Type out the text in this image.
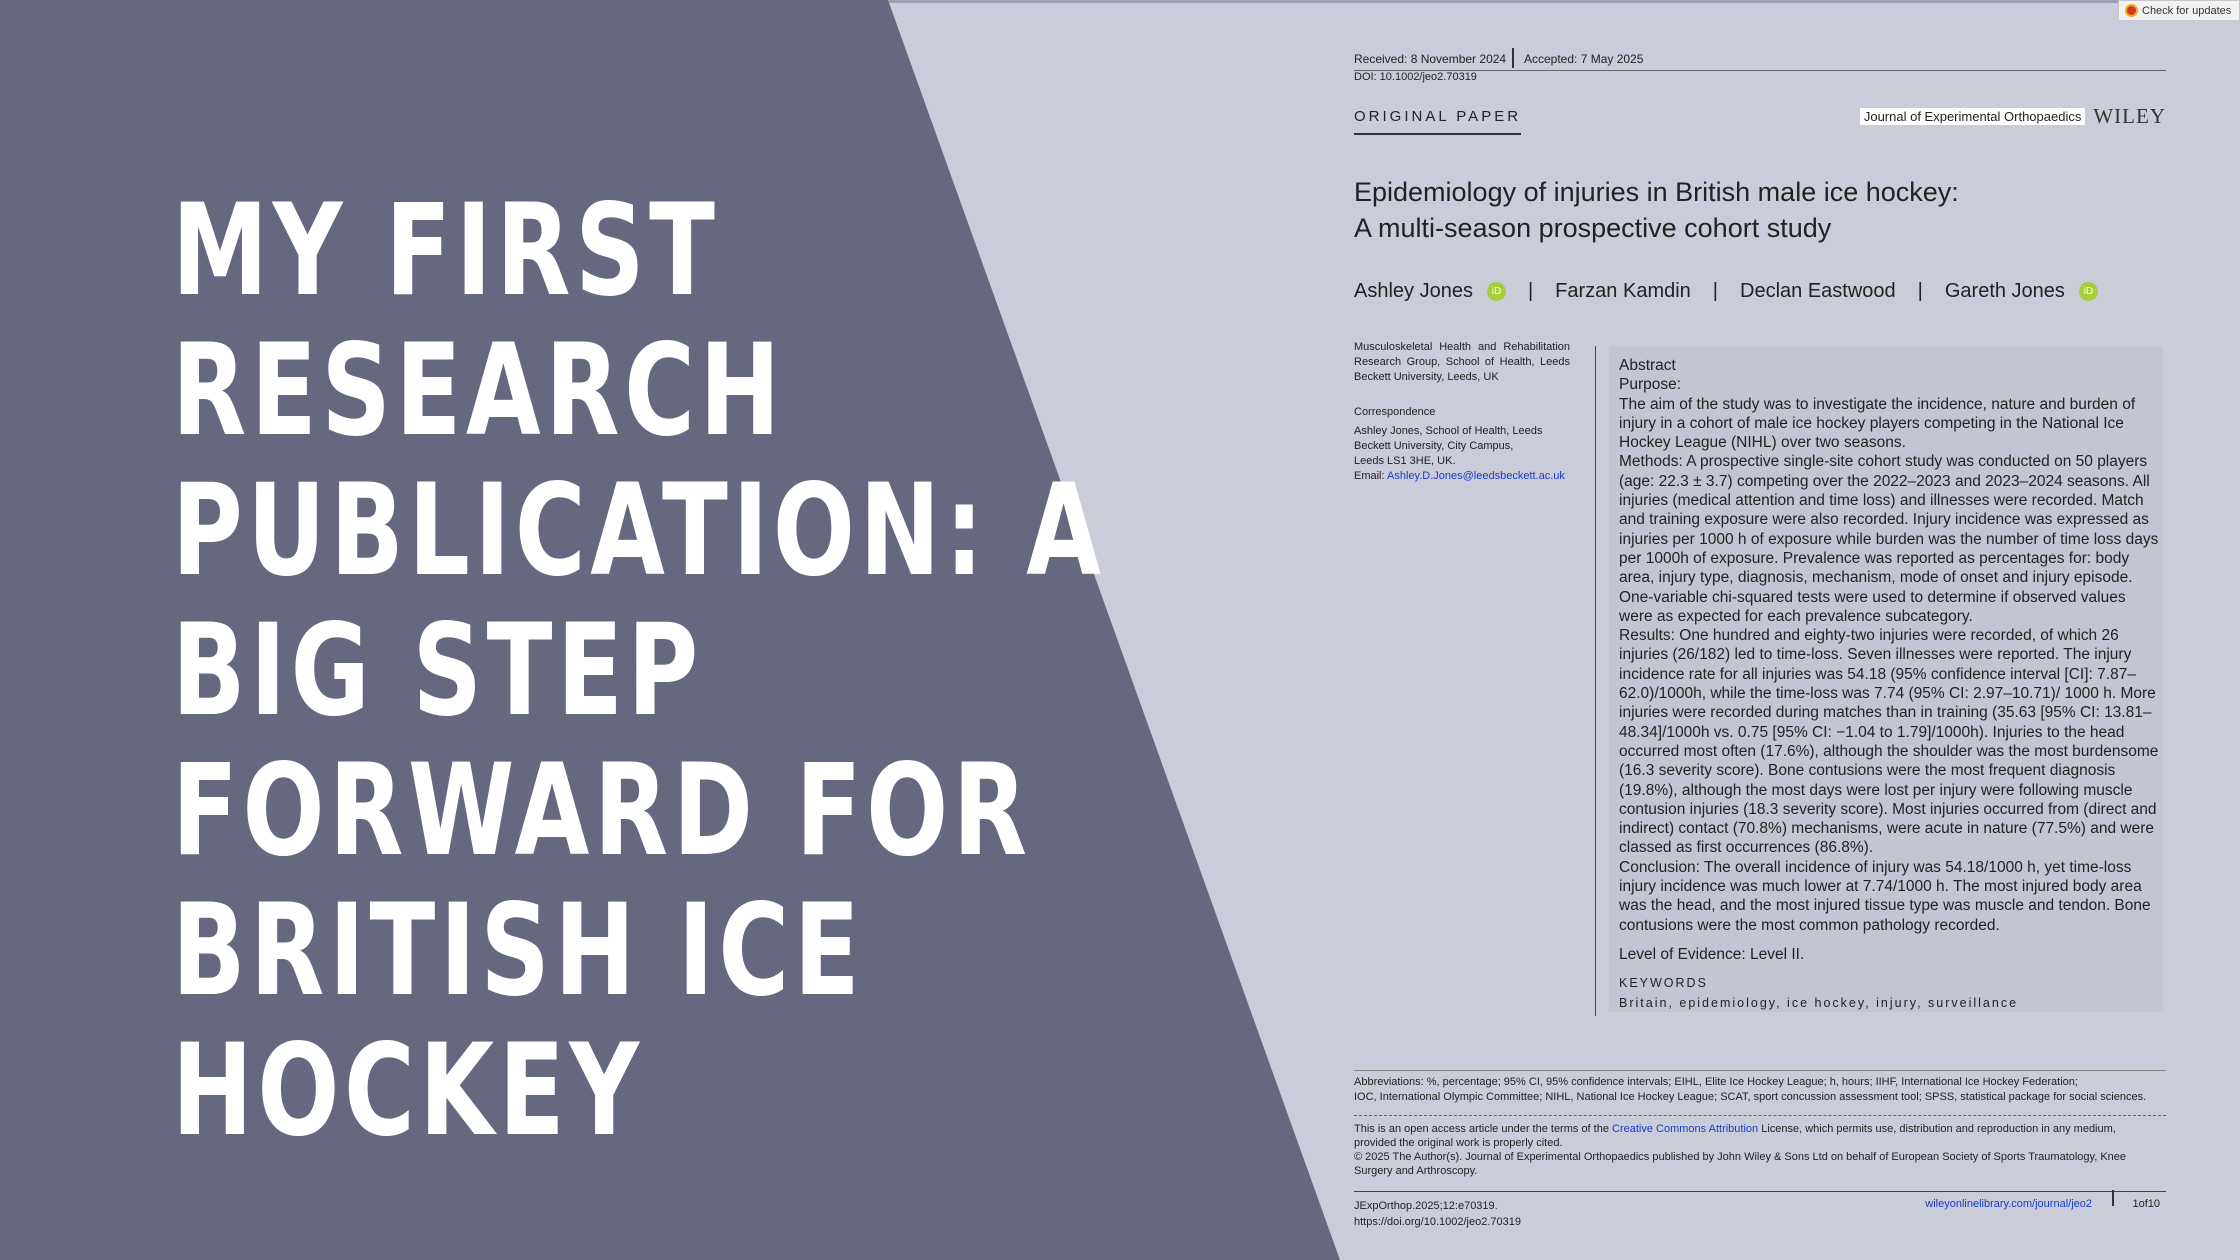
MY FIRST
RESEARCH
PUBLICATION: A
BIG STEP
FORWARD FOR
BRITISH ICE
HOCKEY
Check for updates
Received: 8 November 2024 Accepted: 7 May 2025
DOI: 10.1002/jeo2.70319
ORIGINAL PAPER	Journal of Experimental Orthopaedics WILEY
Epidemiology of injuries in British male ice hockey:
A multi-season prospective cohort study
Ashley Jones	iD | Farzan Kamdin | Declan Eastwood | Gareth Jones	iD
Musculoskeletal Health and Rehabilitation Research Group, School of Health, Leeds Beckett University, Leeds, UK
Correspondence
Ashley Jones, School of Health, Leeds
Beckett University, City Campus,
Leeds LS1 3HE, UK.
Email: Ashley.D.Jones@leedsbeckett.ac.uk

Abstract

Purpose:

The aim of the study was to investigate the incidence, nature and burden of injury in a cohort of male ice hockey players competing in the National Ice Hockey League (NIHL) over two seasons.

Methods: A prospective single-site cohort study was conducted on 50 players (age: 22.3 ± 3.7) competing over the 2022–2023 and 2023–2024 seasons. All injuries (medical attention and time loss) and illnesses were recorded. Match and training exposure were also recorded. Injury incidence was expressed as injuries per 1000 h of exposure while burden was the number of time loss days per 1000h of exposure. Prevalence was reported as percentages for: body area, injury type, diagnosis, mechanism, mode of onset and injury episode. One-variable chi-squared tests were used to determine if observed values were as expected for each prevalence subcategory.

Results: One hundred and eighty-two injuries were recorded, of which 26 injuries (26/182) led to time-loss. Seven illnesses were reported. The injury incidence rate for all injuries was 54.18 (95% confidence interval [CI]: 7.87–62.0)/1000h, while the time-loss was 7.74 (95% CI: 2.97–10.71)/ 1000 h. More injuries were recorded during matches than in training (35.63 [95% CI: 13.81–48.34]/1000h vs. 0.75 [95% CI: −1.04 to 1.79]/1000h). Injuries to the head occurred most often (17.6%), although the shoulder was the most burdensome (16.3 severity score). Bone contusions were the most frequent diagnosis (19.8%), although the most days were lost per injury were following muscle contusion injuries (18.3 severity score). Most injuries occurred from (direct and indirect) contact (70.8%) mechanisms, were acute in nature (77.5%) and were classed as first occurrences (86.8%).

Conclusion: The overall incidence of injury was 54.18/1000 h, yet time-loss injury incidence was much lower at 7.74/1000 h. The most injured body area was the head, and the most injured tissue type was muscle and tendon. Bone contusions were the most common pathology recorded.

Level of Evidence: Level II.

KEYWORDS

Britain, epidemiology, ice hockey, injury, surveillance

Abbreviations: %, percentage; 95% CI, 95% confidence intervals; EIHL, Elite Ice Hockey League; h, hours; IIHF, International Ice Hockey Federation;
IOC, International Olympic Committee; NIHL, National Ice Hockey League; SCAT, sport concussion assessment tool; SPSS, statistical package for social sciences.
This is an open access article under the terms of the Creative Commons Attribution License, which permits use, distribution and reproduction in any medium,
provided the original work is properly cited.
© 2025 The Author(s). Journal of Experimental Orthopaedics published by John Wiley & Sons Ltd on behalf of European Society of Sports Traumatology, Knee Surgery and Arthroscopy.
JExpOrthop.2025;12:e70319.
https://doi.org/10.1002/jeo2.70319
wileyonlinelibrary.com/journal/jeo2	1of10
